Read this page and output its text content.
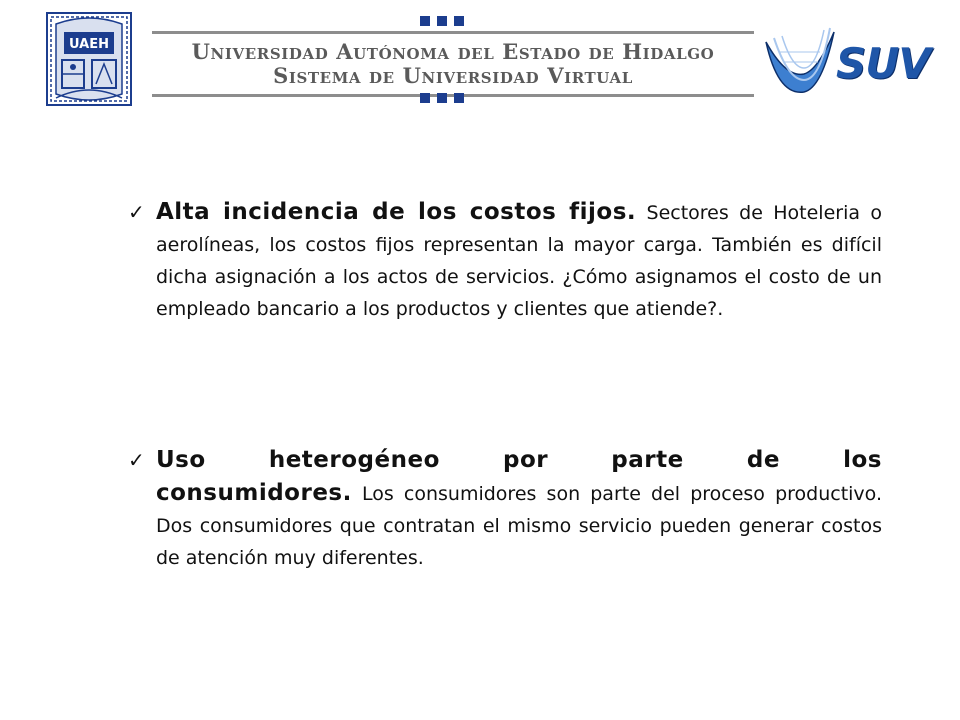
UAEH	Universidad Autónoma del Estado de Hidalgo
Sistema de Universidad Virtual	SUV
✓ Alta incidencia de los costos fijos. Sectores de Hoteleria o aerolíneas, los costos fijos representan la mayor carga. También es difícil dicha asignación a los actos de servicios. ¿Cómo asignamos el costo de un empleado bancario a los productos y clientes que atiende?.
✓ Uso heterogéneo por parte de los consumidores. Los consumidores son parte del proceso productivo. Dos consumidores que contratan el mismo servicio pueden generar costos de atención muy diferentes.
